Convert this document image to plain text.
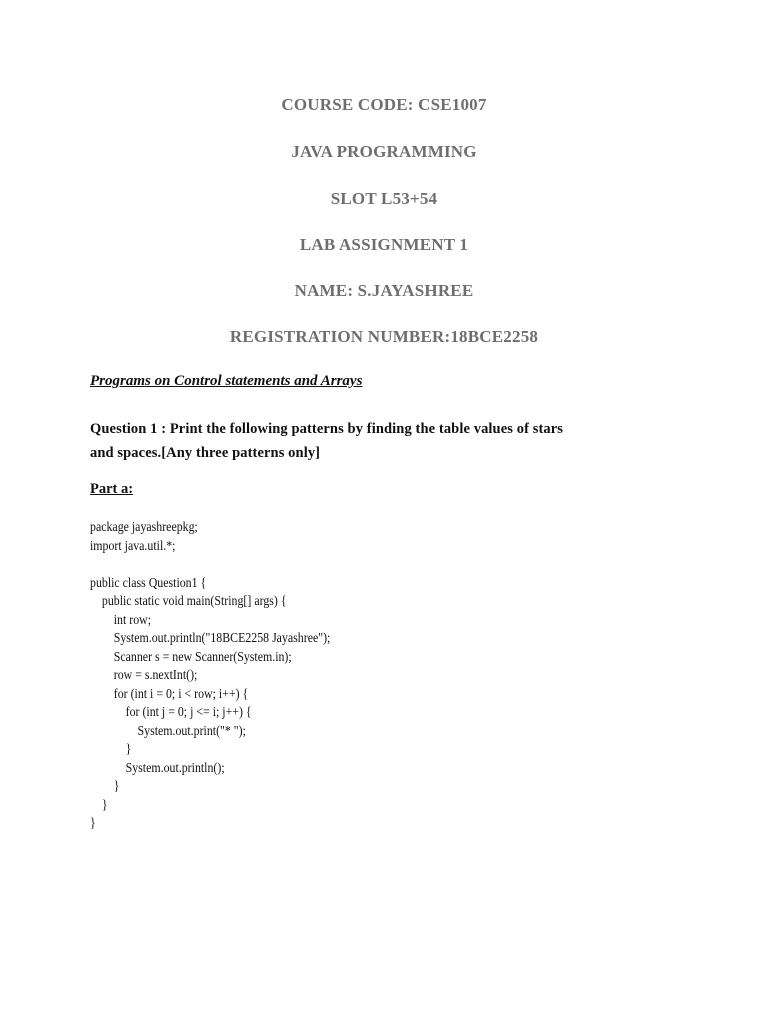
COURSE CODE: CSE1007
JAVA PROGRAMMING
SLOT L53+54
LAB ASSIGNMENT 1
NAME: S.JAYASHREE
REGISTRATION NUMBER:18BCE2258
Programs on Control statements and Arrays
Question 1 : Print the following patterns by finding the table values of stars
and spaces.[Any three patterns only]
Part a:
package jayashreepkg;
import java.util.*;
public class Question1 {
public static void main(String[] args) {
int row;
System.out.println("18BCE2258 Jayashree");
Scanner s = new Scanner(System.in);
row = s.nextInt();
for (int i = 0; i < row; i++) {
for (int j = 0; j <= i; j++) {
System.out.print("* ");
}
System.out.println();
}
}
}
